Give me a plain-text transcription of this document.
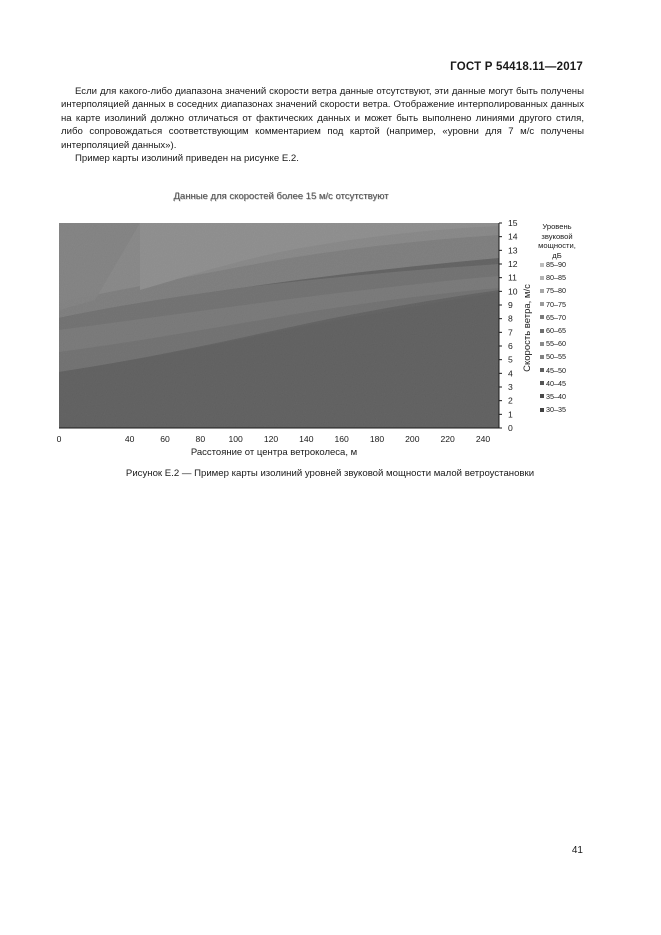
ГОСТ Р 54418.11—2017

Если для какого-либо диапазона значений скорости ветра данные отсутствуют, эти данные могут быть получены интерполяцией данных в соседних диапазонах значений скорости ветра. Отображение интерполированных данных на карте изолиний должно отличаться от фактических данных и может быть выполнено линиями другого стиля, либо сопровождаться соответствующим комментарием под картой (например, «уровни для 7 м/с получены интерполяцией данных»).

Пример карты изолиний приведен на рисунке Е.2.

Данные для скоростей более 15 м/с отсутствуют
0	40	60	80	100 120 140 160 180 200 220 240
0
1
2
3
4
5
6
7
8
9
10
11
12
13
14
15
Расстояние от центра ветроколеса, м
Скорость ветра, м/с
Уровень
звуковой
мощности,
дБ
85–90
80–85
75–80
70–75
65–70
60–65
55–60
50–55
45–50
40–45
35–40
30–35
Рисунок Е.2 — Пример карты изолиний уровней звуковой мощности малой ветроустановки
41
